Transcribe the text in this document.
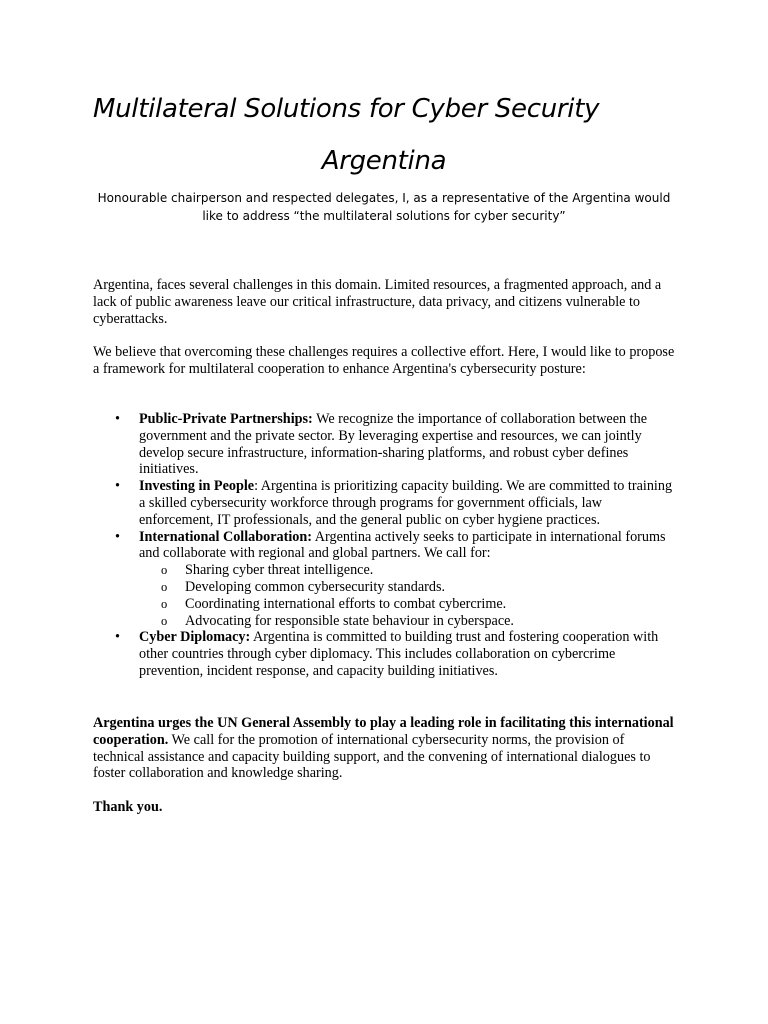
Multilateral Solutions for Cyber Security
Argentina

Honourable chairperson and respected delegates, I, as a representative of the Argentina would like to address “the multilateral solutions for cyber security”

Argentina, faces several challenges in this domain. Limited resources, a fragmented approach, and a lack of public awareness leave our critical infrastructure, data privacy, and citizens vulnerable to cyberattacks.

We believe that overcoming these challenges requires a collective effort. Here, I would like to propose a framework for multilateral cooperation to enhance Argentina's cybersecurity posture:

• Public-Private Partnerships: We recognize the importance of collaboration between the government and the private sector. By leveraging expertise and resources, we can jointly develop secure infrastructure, information-sharing platforms, and robust cyber defines initiatives.
• Investing in People: Argentina is prioritizing capacity building. We are committed to training a skilled cybersecurity workforce through programs for government officials, law enforcement, IT professionals, and the general public on cyber hygiene practices.
• International Collaboration: Argentina actively seeks to participate in international forums and collaborate with regional and global partners. We call for:
o Sharing cyber threat intelligence.
o Developing common cybersecurity standards.
o Coordinating international efforts to combat cybercrime.
o Advocating for responsible state behaviour in cyberspace.
• Cyber Diplomacy: Argentina is committed to building trust and fostering cooperation with other countries through cyber diplomacy. This includes collaboration on cybercrime prevention, incident response, and capacity building initiatives.

Argentina urges the UN General Assembly to play a leading role in facilitating this international cooperation. We call for the promotion of international cybersecurity norms, the provision of technical assistance and capacity building support, and the convening of international dialogues to foster collaboration and knowledge sharing.

Thank you.
